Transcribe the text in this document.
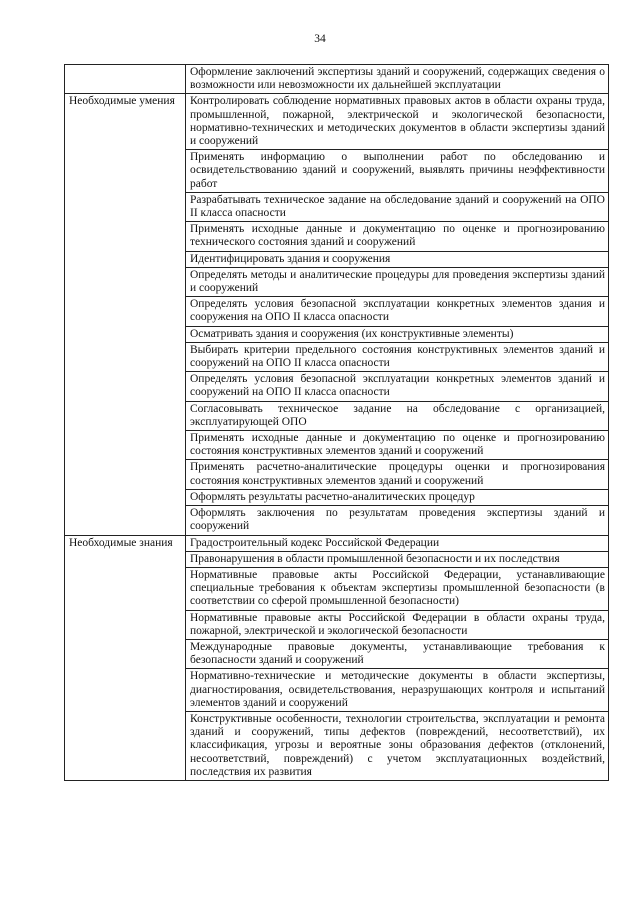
34
	Оформление заключений экспертизы зданий и сооружений, содержащих сведения о возможности или невозможности их дальнейшей эксплуатации
Необходимые умения	Контролировать соблюдение нормативных правовых актов в области охраны труда, промышленной, пожарной, электрической и экологической безопасности, нормативно-технических и методических документов в области экспертизы зданий и сооружений
	Применять информацию о выполнении работ по обследованию и освидетельствованию зданий и сооружений, выявлять причины неэффективности работ
	Разрабатывать техническое задание на обследование зданий и сооружений на ОПО II класса опасности
	Применять исходные данные и документацию по оценке и прогнозированию технического состояния зданий и сооружений
	Идентифицировать здания и сооружения
	Определять методы и аналитические процедуры для проведения экспертизы зданий и сооружений
	Определять условия безопасной эксплуатации конкретных элементов здания и сооружения на ОПО II класса опасности
	Осматривать здания и сооружения (их конструктивные элементы)
	Выбирать критерии предельного состояния конструктивных элементов зданий и сооружений на ОПО II класса опасности
	Определять условия безопасной эксплуатации конкретных элементов зданий и сооружений на ОПО II класса опасности
	Согласовывать техническое задание на обследование с организацией, эксплуатирующей ОПО
	Применять исходные данные и документацию по оценке и прогнозированию состояния конструктивных элементов зданий и сооружений
	Применять расчетно-аналитические процедуры оценки и прогнозирования состояния конструктивных элементов зданий и сооружений
	Оформлять результаты расчетно-аналитических процедур
	Оформлять заключения по результатам проведения экспертизы зданий и сооружений
Необходимые знания	Градостроительный кодекс Российской Федерации
	Правонарушения в области промышленной безопасности и их последствия
	Нормативные правовые акты Российской Федерации, устанавливающие специальные требования к объектам экспертизы промышленной безопасности (в соответствии со сферой промышленной безопасности)
	Нормативные правовые акты Российской Федерации в области охраны труда, пожарной, электрической и экологической безопасности
	Международные правовые документы, устанавливающие требования к безопасности зданий и сооружений
	Нормативно-технические и методические документы в области экспертизы, диагностирования, освидетельствования, неразрушающих контроля и испытаний элементов зданий и сооружений
	Конструктивные особенности, технологии строительства, эксплуатации и ремонта зданий и сооружений, типы дефектов (повреждений, несоответствий), их классификация, угрозы и вероятные зоны образования дефектов (отклонений, несоответствий, повреждений) с учетом эксплуатационных воздействий, последствия их развития
